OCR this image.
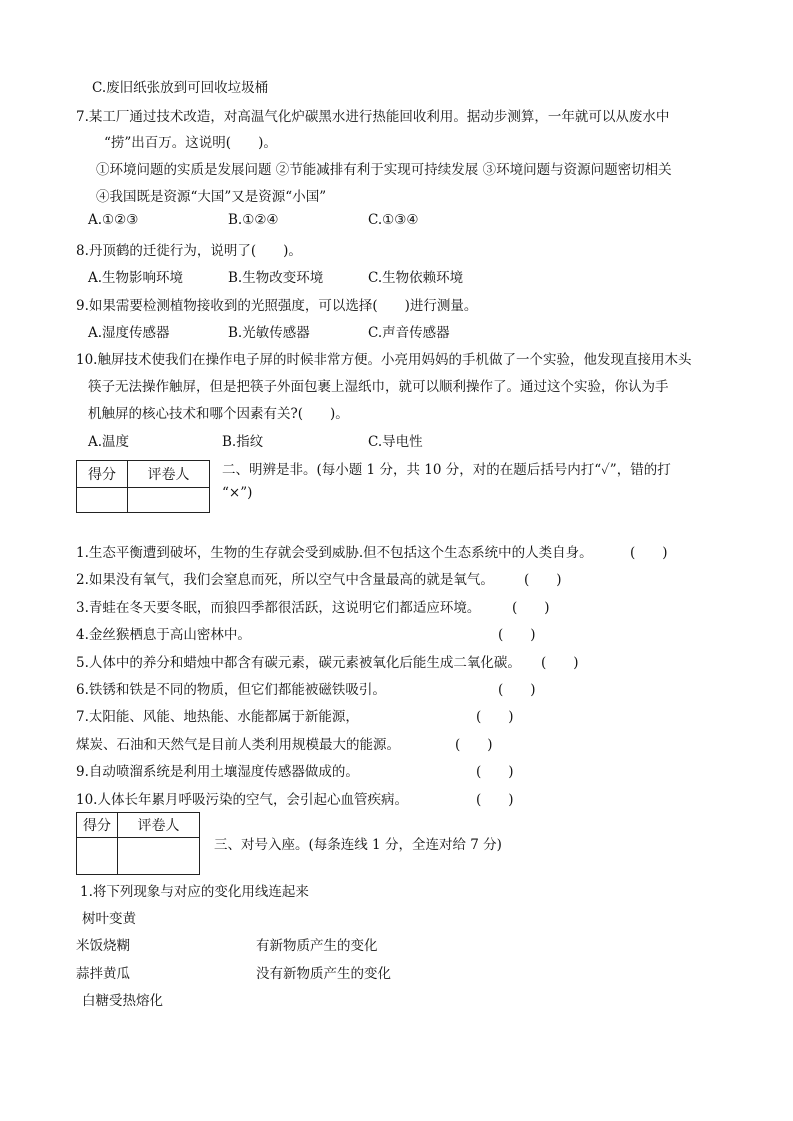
C.废旧纸张放到可回收垃圾桶
7.某工厂通过技术改造，对高温气化炉碳黑水进行热能回收利用。据动步测算，一年就可以从废水中
“捞”出百万。这说明(　　)。
①环境问题的实质是发展问题 ②节能减排有利于实现可持续发展 ③环境问题与资源问题密切相关
④我国既是资源“大国”又是资源“小国”
A.①②③	B.①②④	C.①③④
8.丹顶鹤的迁徙行为，说明了(　　)。
A.生物影响环境	B.生物改变环境	C.生物依赖环境
9.如果需要检测植物接收到的光照强度，可以选择(　　)进行测量。
A.湿度传感器	B.光敏传感器	C.声音传感器
10.触屏技术使我们在操作电子屏的时候非常方便。小亮用妈妈的手机做了一个实验，他发现直接用木头
筷子无法操作触屏，但是把筷子外面包裹上湿纸巾，就可以顺利操作了。通过这个实验，你认为手
机触屏的核心技术和哪个因素有关?(　　)。
A.温度	B.指纹	C.导电性
得分	评卷人
	二、明辨是非。(每小题 1 分，共 10 分，对的在题后括号内打“✓”，错的打
“×”)
1.生态平衡遭到破坏，生物的生存就会受到威胁.但不包括这个生态系统中的人类自身。	(　　)
2.如果没有氧气，我们会窒息而死，所以空气中含量最高的就是氧气。 (　　)
3.青蛙在冬天要冬眠，而狼四季都很活跃，这说明它们都适应环境。 (　　)
4.金丝猴栖息于高山密林中。	(　　)
5.人体中的养分和蜡烛中都含有碳元素，碳元素被氧化后能生成二氧化碳。 (　　)
6.铁锈和铁是不同的物质，但它们都能被磁铁吸引。	(　　)
7.太阳能、风能、地热能、水能都属于新能源，	(　　)
煤炭、石油和天然气是目前人类利用规模最大的能源。	(　　)
9.自动喷溜系统是利用土壤湿度传感器做成的。	(　　)
10.人体长年累月呼吸污染的空气，会引起心血管疾病。	(　　)
得分	评卷人

三、对号入座。(每条连线 1 分，全连对给 7 分)
1.将下列现象与对应的变化用线连起来
树叶变黄
米饭烧糊	有新物质产生的变化
蒜拌黄瓜	没有新物质产生的变化
白糖受热熔化
